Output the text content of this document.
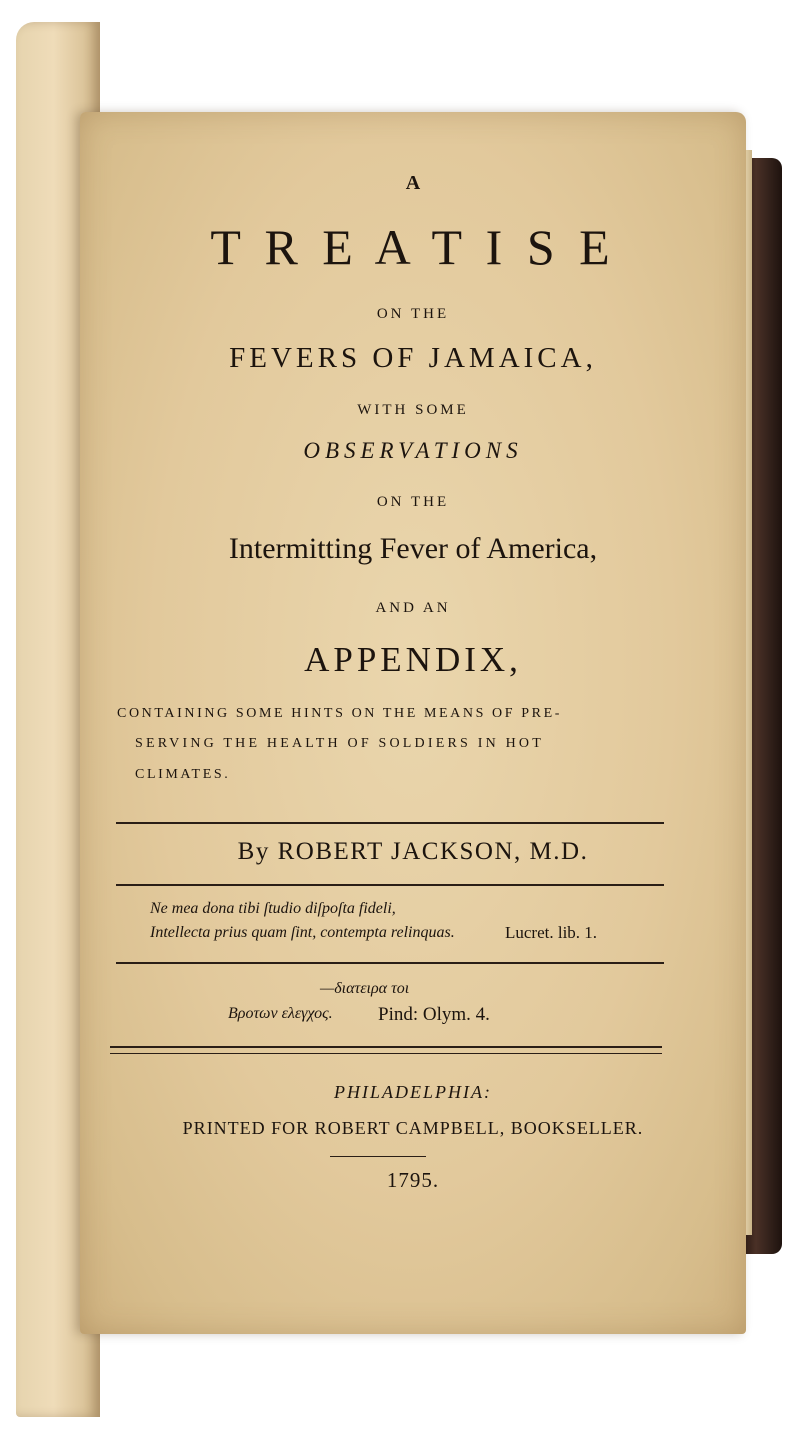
A
T R E A T I S E
ON THE
FEVERS OF JAMAICA,
WITH SOME
OBSERVATIONS
ON THE
Intermitting Fever of America,
AND AN
APPENDIX,
CONTAINING SOME HINTS ON THE MEANS OF PRE-
SERVING THE HEALTH OF SOLDIERS IN HOT
CLIMATES.
By ROBERT JACKSON, M.D.
Ne mea dona tibi ſtudio diſpoſta fideli,
Intellecta prius quam ſint, contempta relinquas.	Lucret. lib. 1.
—διατειρα τοι
Βροτων ελεγχος. Pind: Olym. 4.
PHILADELPHIA:
PRINTED FOR ROBERT CAMPBELL, BOOKSELLER.
1795.
